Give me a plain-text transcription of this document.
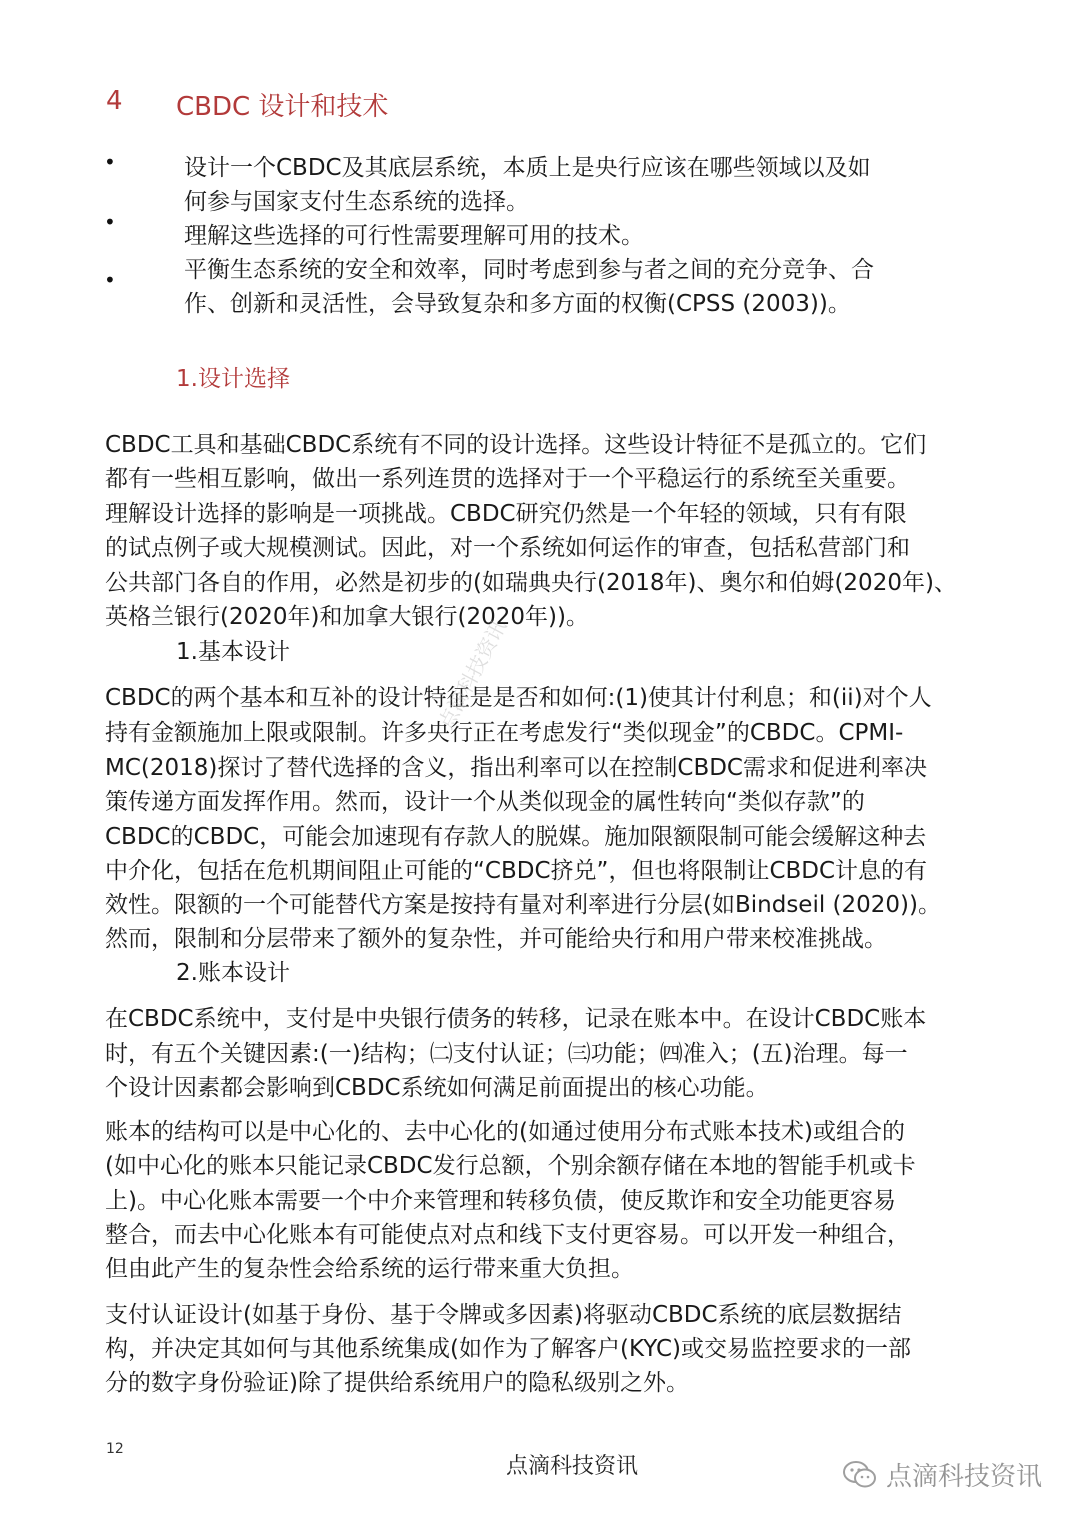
4 CBDC 设计和技术
•
•
•
设计一个CBDC及其底层系统，本质上是央行应该在哪些领域以及如
何参与国家支付生态系统的选择。
理解这些选择的可行性需要理解可用的技术。
平衡生态系统的安全和效率，同时考虑到参与者之间的充分竞争、合
作、创新和灵活性，会导致复杂和多方面的权衡(CPSS (2003))。
1.设计选择
CBDC工具和基础CBDC系统有不同的设计选择。这些设计特征不是孤立的。它们
都有一些相互影响，做出一系列连贯的选择对于一个平稳运行的系统至关重要。
理解设计选择的影响是一项挑战。CBDC研究仍然是一个年轻的领域，只有有限
的试点例子或大规模测试。因此，对一个系统如何运作的审查，包括私营部门和
公共部门各自的作用，必然是初步的(如瑞典央行(2018年)、奥尔和伯姆(2020年)、
英格兰银行(2020年)和加拿大银行(2020年))。
1.基本设计
CBDC的两个基本和互补的设计特征是是否和如何:(1)使其计付利息；和(ii)对个人
持有金额施加上限或限制。许多央行正在考虑发行“类似现金”的CBDC。CPMI-
MC(2018)探讨了替代选择的含义，指出利率可以在控制CBDC需求和促进利率决
策传递方面发挥作用。然而，设计一个从类似现金的属性转向“类似存款”的
CBDC的CBDC，可能会加速现有存款人的脱媒。施加限额限制可能会缓解这种去
中介化，包括在危机期间阻止可能的“CBDC挤兑”，但也将限制让CBDC计息的有
效性。限额的一个可能替代方案是按持有量对利率进行分层(如Bindseil (2020))。
然而，限制和分层带来了额外的复杂性，并可能给央行和用户带来校准挑战。
2.账本设计
在CBDC系统中，支付是中央银行债务的转移，记录在账本中。在设计CBDC账本
时，有五个关键因素:(一)结构；㈡支付认证；㈢功能；㈣准入；(五)治理。每一
个设计因素都会影响到CBDC系统如何满足前面提出的核心功能。
账本的结构可以是中心化的、去中心化的(如通过使用分布式账本技术)或组合的
(如中心化的账本只能记录CBDC发行总额，个别余额存储在本地的智能手机或卡
上)。中心化账本需要一个中介来管理和转移负债，使反欺诈和安全功能更容易
整合，而去中心化账本有可能使点对点和线下支付更容易。可以开发一种组合，
但由此产生的复杂性会给系统的运行带来重大负担。
支付认证设计(如基于身份、基于令牌或多因素)将驱动CBDC系统的底层数据结
构，并决定其如何与其他系统集成(如作为了解客户(KYC)或交易监控要求的一部
分的数字身份验证)除了提供给系统用户的隐私级别之外。
点滴科技资讯
12
点滴科技资讯	点滴科技资讯
